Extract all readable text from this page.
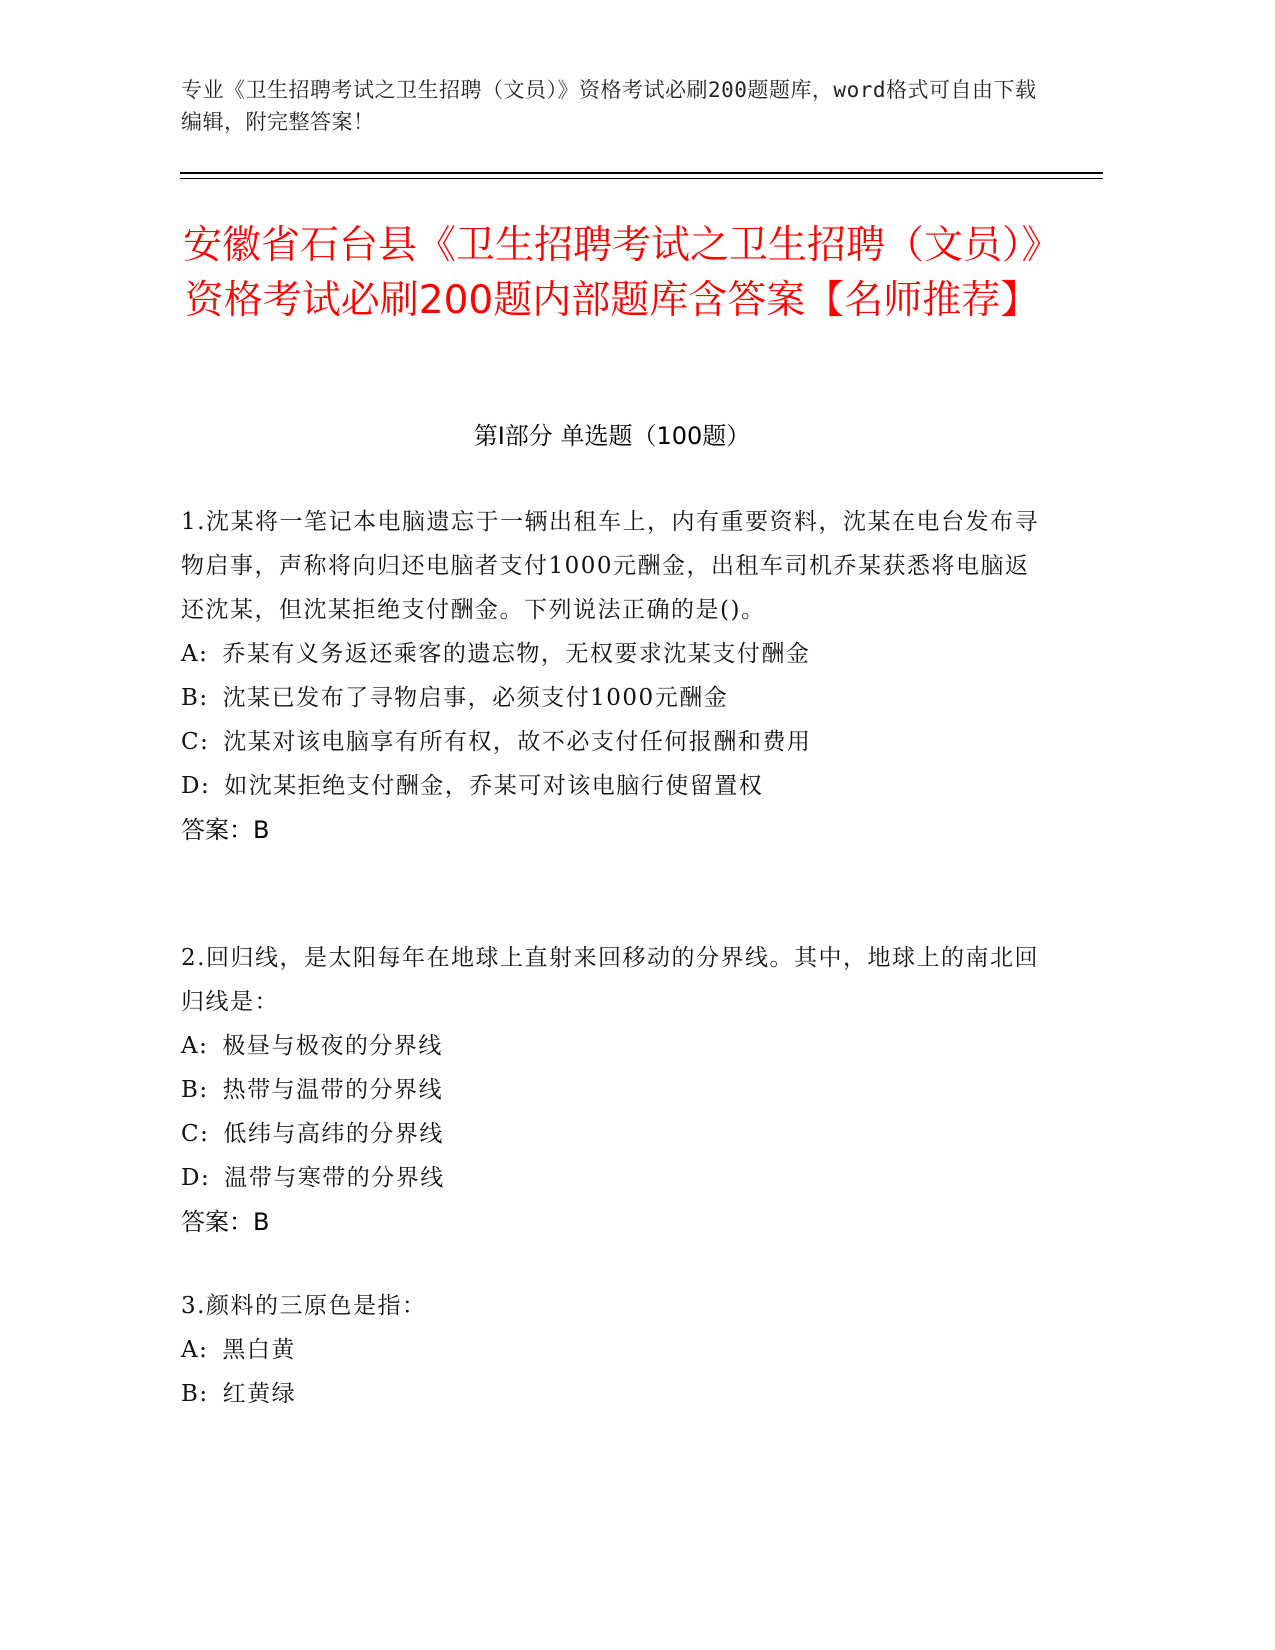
专业《卫生招聘考试之卫生招聘（文员）》资格考试必刷200题题库，word格式可自由下载编辑，附完整答案！
安徽省石台县《卫生招聘考试之卫生招聘（文员）》资格考试必刷200题内部题库含答案【名师推荐】
第I部分 单选题（100题）
1.沈某将一笔记本电脑遗忘于一辆出租车上，内有重要资料，沈某在电台发布寻物启事，声称将向归还电脑者支付1000元酬金，出租车司机乔某获悉将电脑返还沈某，但沈某拒绝支付酬金。下列说法正确的是()。
A: 乔某有义务返还乘客的遗忘物，无权要求沈某支付酬金
B: 沈某已发布了寻物启事，必须支付1000元酬金
C: 沈某对该电脑享有所有权，故不必支付任何报酬和费用
D: 如沈某拒绝支付酬金，乔某可对该电脑行使留置权
答案：B
2.回归线，是太阳每年在地球上直射来回移动的分界线。其中，地球上的南北回归线是：
A: 极昼与极夜的分界线
B: 热带与温带的分界线
C: 低纬与高纬的分界线
D: 温带与寒带的分界线
答案：B
3.颜料的三原色是指：
A: 黑白黄
B: 红黄绿
